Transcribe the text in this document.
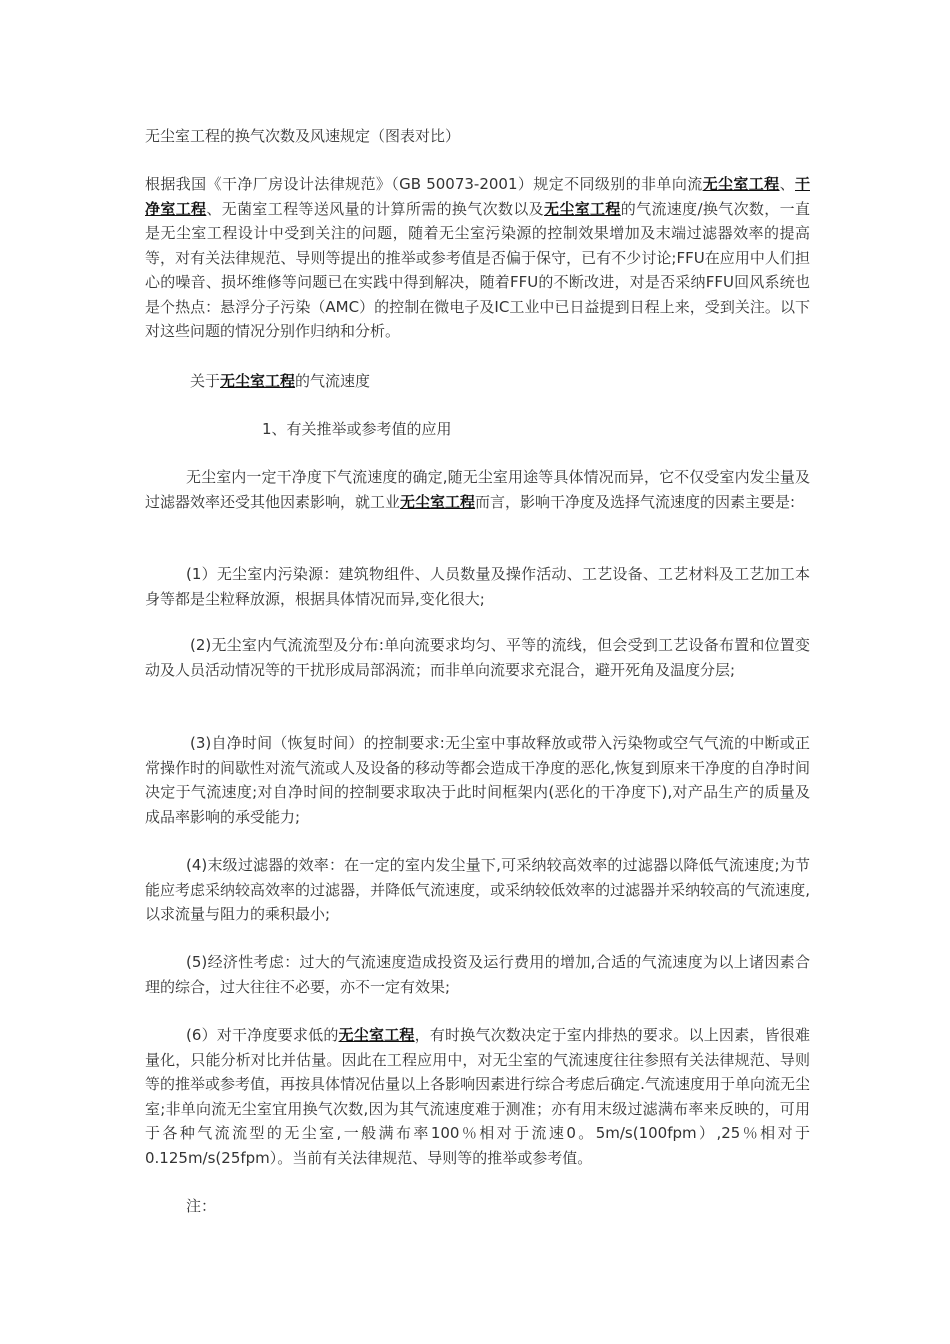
无尘室工程的换气次数及风速规定（图表对比）

根据我国《干净厂房设计法律规范》（GB 50073-2001）规定不同级别的非单向流无尘室工程、干净室工程、无菌室工程等送风量的计算所需的换气次数以及无尘室工程的气流速度/换气次数，一直是无尘室工程设计中受到关注的问题，随着无尘室污染源的控制效果增加及末端过滤器效率的提高等，对有关法律规范、导则等提出的推举或参考值是否偏于保守，已有不少讨论;FFU在应用中人们担心的噪音、损坏维修等问题已在实践中得到解决，随着FFU的不断改进，对是否采纳FFU回风系统也是个热点：悬浮分子污染（AMC）的控制在微电子及IC工业中已日益提到日程上来，受到关注。以下对这些问题的情况分别作归纳和分析。

关于无尘室工程的气流速度

1、有关推举或参考值的应用

无尘室内一定干净度下气流速度的确定,随无尘室用途等具体情况而异，它不仅受室内发尘量及过滤器效率还受其他因素影响，就工业无尘室工程而言，影响干净度及选择气流速度的因素主要是:

(1）无尘室内污染源：建筑物组件、人员数量及操作活动、工艺设备、工艺材料及工艺加工本身等都是尘粒释放源，根据具体情况而异,变化很大;

(2)无尘室内气流流型及分布:单向流要求均匀、平等的流线，但会受到工艺设备布置和位置变动及人员活动情况等的干扰形成局部涡流；而非单向流要求充混合，避开死角及温度分层;

(3)自净时间（恢复时间）的控制要求:无尘室中事故释放或带入污染物或空气气流的中断或正常操作时的间歇性对流气流或人及设备的移动等都会造成干净度的恶化,恢复到原来干净度的自净时间决定于气流速度;对自净时间的控制要求取决于此时间框架内(恶化的干净度下),对产品生产的质量及成品率影响的承受能力;

(4)末级过滤器的效率：在一定的室内发尘量下,可采纳较高效率的过滤器以降低气流速度;为节能应考虑采纳较高效率的过滤器，并降低气流速度，或采纳较低效率的过滤器并采纳较高的气流速度,以求流量与阻力的乘积最小;

(5)经济性考虑：过大的气流速度造成投资及运行费用的增加,合适的气流速度为以上诸因素合理的综合，过大往往不必要，亦不一定有效果;

(6）对干净度要求低的无尘室工程，有时换气次数决定于室内排热的要求。以上因素，皆很难量化，只能分析对比并估量。因此在工程应用中，对无尘室的气流速度往往参照有关法律规范、导则等的推举或参考值，再按具体情况估量以上各影响因素进行综合考虑后确定.气流速度用于单向流无尘室;非单向流无尘室宜用换气次数,因为其气流速度难于测准；亦有用末级过滤满布率来反映的，可用于各种气流流型的无尘室,一般满布率100％相对于流速0。5m/s(100fpm）,25％相对于0.125m/s(25fpm）。当前有关法律规范、导则等的推举或参考值。

注：
